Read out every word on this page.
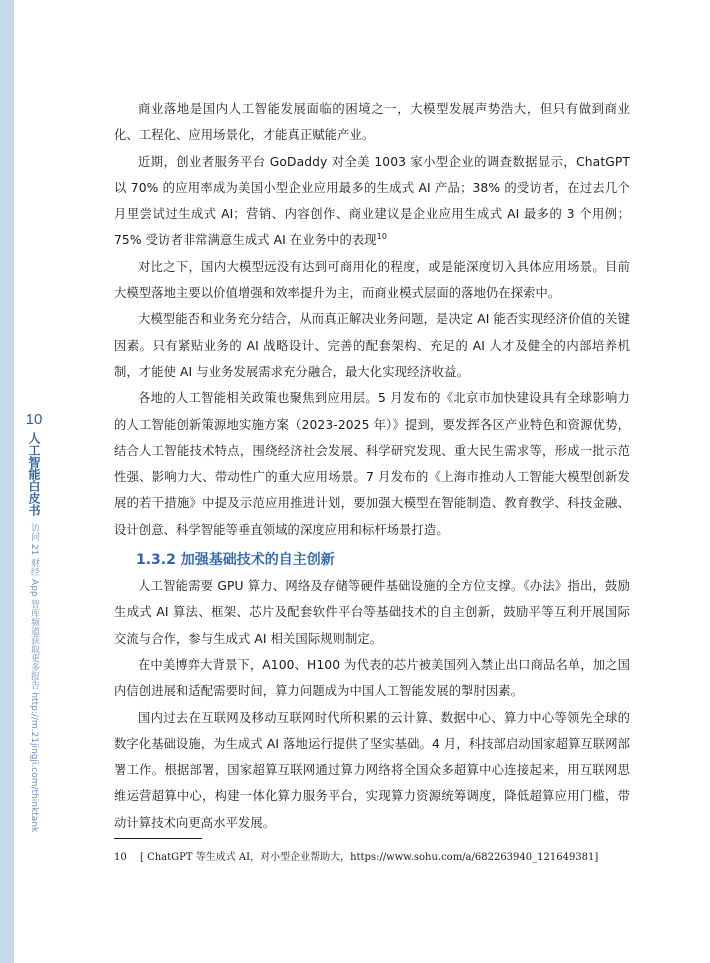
10
人工智能白皮书
访问 21 财经 App 智库频道获取更多报告 http://m.21jingji.com/thinktank

商业落地是国内人工智能发展面临的困境之一，大模型发展声势浩大，但只有做到商业化、工程化、应用场景化，才能真正赋能产业。

近期，创业者服务平台 GoDaddy 对全美 1003 家小型企业的调查数据显示，ChatGPT 以 70% 的应用率成为美国小型企业应用最多的生成式 AI 产品；38% 的受访者，在过去几个月里尝试过生成式 AI；营销、内容创作、商业建议是企业应用生成式 AI 最多的 3 个用例；75% 受访者非常满意生成式 AI 在业务中的表现$^{10}$

对比之下，国内大模型远没有达到可商用化的程度，或是能深度切入具体应用场景。目前大模型落地主要以价值增强和效率提升为主，而商业模式层面的落地仍在探索中。

大模型能否和业务充分结合，从而真正解决业务问题，是决定 AI 能否实现经济价值的关键因素。只有紧贴业务的 AI 战略设计、完善的配套架构、充足的 AI 人才及健全的内部培养机制，才能使 AI 与业务发展需求充分融合，最大化实现经济收益。

各地的人工智能相关政策也聚焦到应用层。5 月发布的《北京市加快建设具有全球影响力的人工智能创新策源地实施方案（2023-2025 年）》提到，要发挥各区产业特色和资源优势，结合人工智能技术特点，围绕经济社会发展、科学研究发现、重大民生需求等，形成一批示范性强、影响力大、带动性广的重大应用场景。7 月发布的《上海市推动人工智能大模型创新发展的若干措施》中提及示范应用推进计划，要加强大模型在智能制造、教育教学、科技金融、设计创意、科学智能等垂直领域的深度应用和标杆场景打造。

1.3.2 加强基础技术的自主创新

人工智能需要 GPU 算力、网络及存储等硬件基础设施的全方位支撑。《办法》指出，鼓励生成式 AI 算法、框架、芯片及配套软件平台等基础技术的自主创新，鼓励平等互利开展国际交流与合作，参与生成式 AI 相关国际规则制定。

在中美博弈大背景下，A100、H100 为代表的芯片被美国列入禁止出口商品名单，加之国内信创进展和适配需要时间，算力问题成为中国人工智能发展的掣肘因素。

国内过去在互联网及移动互联网时代所积累的云计算、数据中心、算力中心等领先全球的数字化基础设施，为生成式 AI 落地运行提供了坚实基础。4 月，科技部启动国家超算互联网部署工作。根据部署，国家超算互联网通过算力网络将全国众多超算中心连接起来，用互联网思维运营超算中心，构建一体化算力服务平台，实现算力资源统筹调度，降低超算应用门槛，带动计算技术向更高水平发展。

10 [ ChatGPT 等生成式 AI，对小型企业帮助大，https://www.sohu.com/a/682263940_121649381]
